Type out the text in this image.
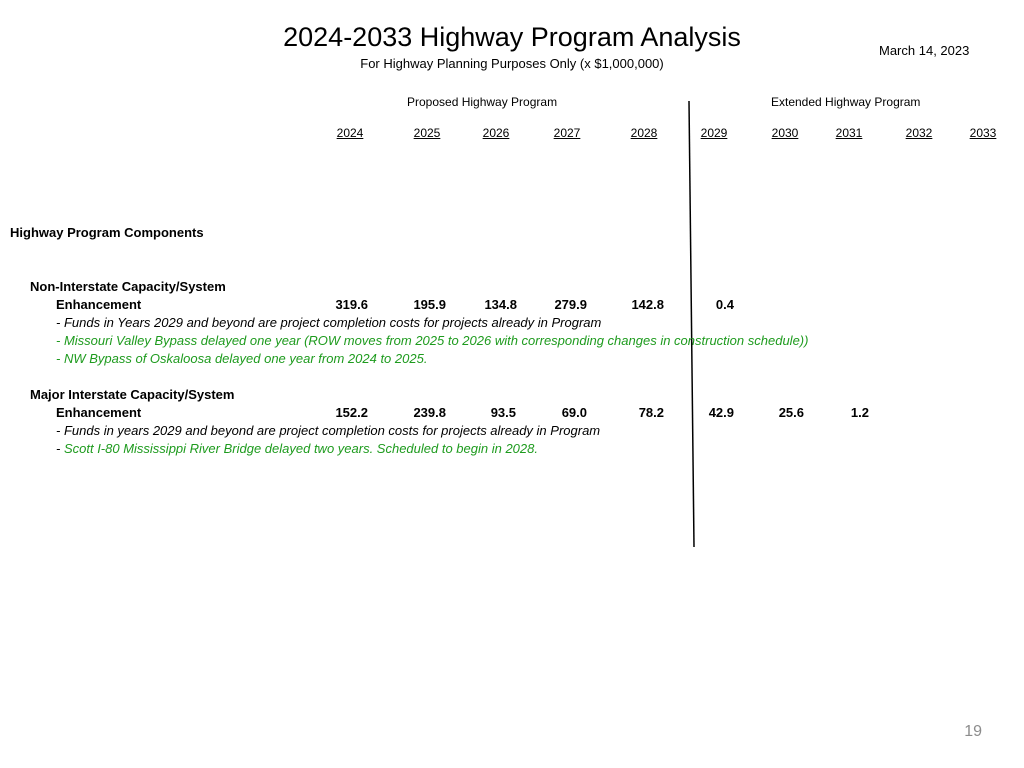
2024-2033 Highway Program Analysis
For Highway Planning Purposes Only (x $1,000,000)
March 14, 2023
Proposed Highway Program	Extended Highway Program
2024	2025	2026	2027	2028	2029	2030	2031	2032	2033
Highway Program Components
Non-Interstate Capacity/System
Enhancement	319.6	195.9	134.8	279.9	142.8	0.4
- Funds in Years 2029 and beyond are project completion costs for projects already in Program
- Missouri Valley Bypass delayed one year (ROW moves from 2025 to 2026 with corresponding changes in construction schedule))
- NW Bypass of Oskaloosa delayed one year from 2024 to 2025.
Major Interstate Capacity/System
Enhancement	152.2	239.8	93.5	69.0	78.2	42.9	25.6	1.2
- Funds in years 2029 and beyond are project completion costs for projects already in Program
- Scott I-80 Mississippi River Bridge delayed two years. Scheduled to begin in 2028.
19
